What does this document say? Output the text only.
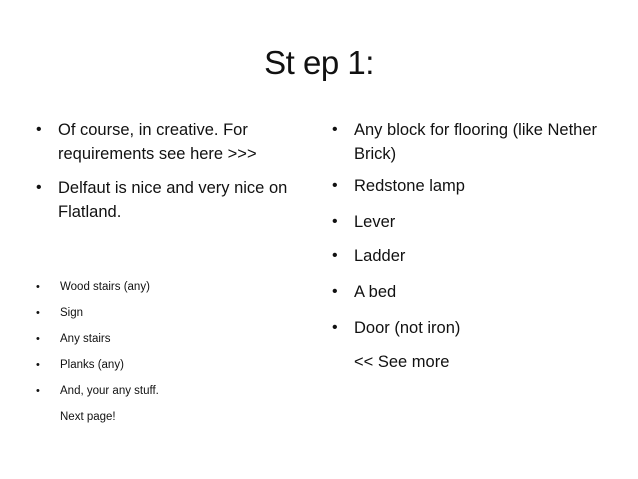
St ep 1:
• Of course, in creative. For requirements see here >>>
• Delfaut is nice and very nice on Flatland.
• Wood stairs (any)
• Sign
• Any stairs
• Planks (any)
• And, your any stuff.
Next page!
• Any block for flooring (like Nether Brick)
• Redstone lamp
• Lever
• Ladder
• A bed
• Door (not iron)
<< See more
